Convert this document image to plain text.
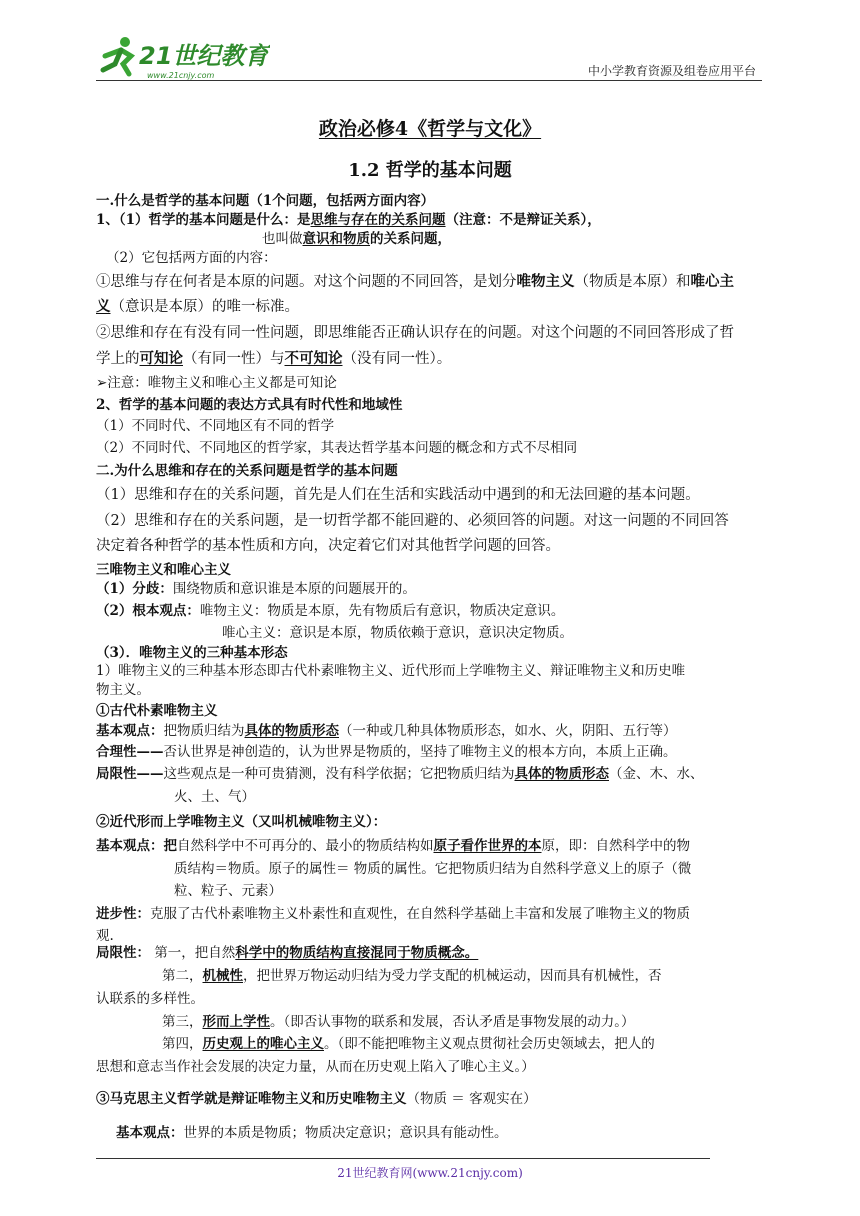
21世纪教育
www.21cnjy.com	中小学教育资源及组卷应用平台
政治必修4《哲学与文化》
1.2 哲学的基本问题
一.什么是哲学的基本问题（1个问题，包括两方面内容）
1、（1）哲学的基本问题是什么：是思维与存在的关系问题（注意：不是辩证关系），
也叫做意识和物质的关系问题，
（2）它包括两方面的内容：
①思维与存在何者是本原的问题。对这个问题的不同回答，是划分唯物主义（物质是本原）和唯心主
义（意识是本原）的唯一标准。
②思维和存在有没有同一性问题，即思维能否正确认识存在的问题。对这个问题的不同回答形成了哲
学上的可知论（有同一性）与不可知论（没有同一性）。
➢注意：唯物主义和唯心主义都是可知论
2、哲学的基本问题的表达方式具有时代性和地域性
（1）不同时代、不同地区有不同的哲学
（2）不同时代、不同地区的哲学家，其表达哲学基本问题的概念和方式不尽相同
二.为什么思维和存在的关系问题是哲学的基本问题
（1）思维和存在的关系问题，首先是人们在生活和实践活动中遇到的和无法回避的基本问题。
（2）思维和存在的关系问题，是一切哲学都不能回避的、必须回答的问题。对这一问题的不同回答
决定着各种哲学的基本性质和方向，决定着它们对其他哲学问题的回答。
三唯物主义和唯心主义
（1）分歧：围绕物质和意识谁是本原的问题展开的。
（2）根本观点：唯物主义：物质是本原，先有物质后有意识，物质决定意识。
唯心主义：意识是本原，物质依赖于意识，意识决定物质。
（3）．唯物主义的三种基本形态
1）唯物主义的三种基本形态即古代朴素唯物主义、近代形而上学唯物主义、辩证唯物主义和历史唯
物主义。
①古代朴素唯物主义
基本观点：把物质归结为具体的物质形态（一种或几种具体物质形态，如水、火，阴阳、五行等）
合理性——否认世界是神创造的，认为世界是物质的，坚持了唯物主义的根本方向，本质上正确。
局限性——这些观点是一种可贵猜测，没有科学依据；它把物质归结为具体的物质形态（金、木、水、
火、土、气）
②近代形而上学唯物主义（又叫机械唯物主义）：
基本观点：把自然科学中不可再分的、最小的物质结构如原子看作世界的本原，即：自然科学中的物
质结构＝物质。原子的属性＝ 物质的属性。它把物质归结为自然科学意义上的原子（微
粒、粒子、元素）
进步性：克服了古代朴素唯物主义朴素性和直观性，在自然科学基础上丰富和发展了唯物主义的物质
观.
局限性： 第一，把自然科学中的物质结构直接混同于物质概念。
第二，机械性，把世界万物运动归结为受力学支配的机械运动，因而具有机械性，否
认联系的多样性。
第三，形而上学性。（即否认事物的联系和发展，否认矛盾是事物发展的动力。）
第四，历史观上的唯心主义。（即不能把唯物主义观点贯彻社会历史领域去，把人的
思想和意志当作社会发展的决定力量，从而在历史观上陷入了唯心主义。）
③马克思主义哲学就是辩证唯物主义和历史唯物主义（物质 ＝ 客观实在）
基本观点：世界的本质是物质；物质决定意识；意识具有能动性。
21世纪教育网(www.21cnjy.com)
